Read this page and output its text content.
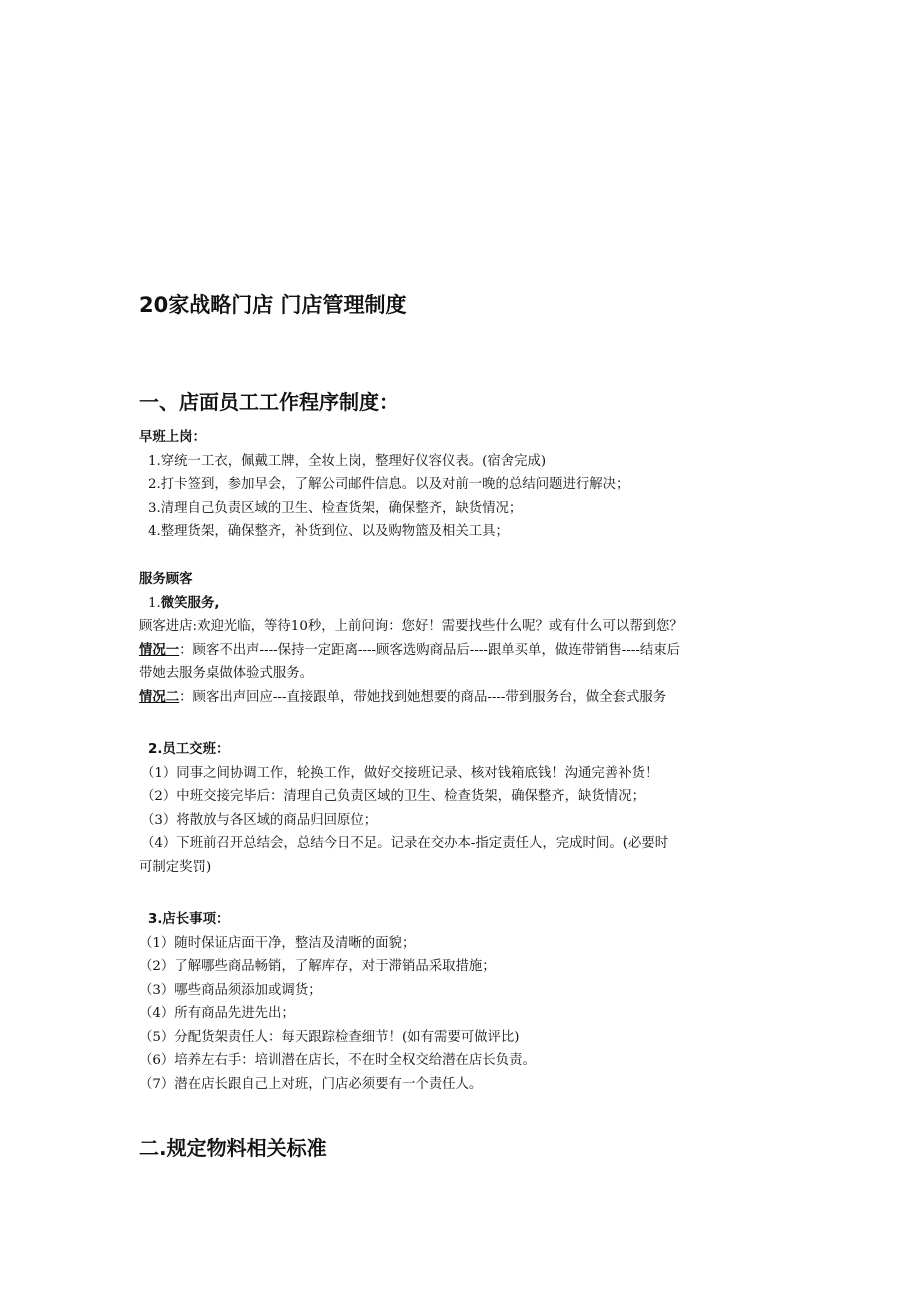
20家战略门店 门店管理制度
一、店面员工工作程序制度：

早班上岗：

1.穿统一工衣，佩戴工牌，全妆上岗，整理好仪容仪表。(宿舍完成)

2.打卡签到，参加早会，了解公司邮件信息。以及对前一晚的总结问题进行解决；

3.清理自己负责区域的卫生、检查货架，确保整齐，缺货情况；

4.整理货架，确保整齐，补货到位、以及购物篮及相关工具；

服务顾客

1.微笑服务,

顾客进店:欢迎光临，等待10秒，上前问询：您好！需要找些什么呢？或有什么可以帮到您？

情况一：顾客不出声----保持一定距离----顾客选购商品后----跟单买单，做连带销售----结束后

带她去服务桌做体验式服务。

情况二：顾客出声回应---直接跟单，带她找到她想要的商品----带到服务台，做全套式服务

2.员工交班：

（1）同事之间协调工作，轮换工作，做好交接班记录、核对钱箱底钱！沟通完善补货！

（2）中班交接完毕后：清理自己负责区域的卫生、检查货架，确保整齐，缺货情况；

（3）将散放与各区域的商品归回原位；

（4）下班前召开总结会，总结今日不足。记录在交办本-指定责任人，完成时间。(必要时

可制定奖罚)

3.店长事项：

（1）随时保证店面干净，整洁及清晰的面貌；

（2）了解哪些商品畅销，了解库存，对于滞销品采取措施；

（3）哪些商品须添加或调货；

（4）所有商品先进先出；

（5）分配货架责任人：每天跟踪检查细节！(如有需要可做评比)

（6）培养左右手：培训潜在店长，不在时全权交给潜在店长负责。

（7）潜在店长跟自己上对班，门店必须要有一个责任人。

二.规定物料相关标准
